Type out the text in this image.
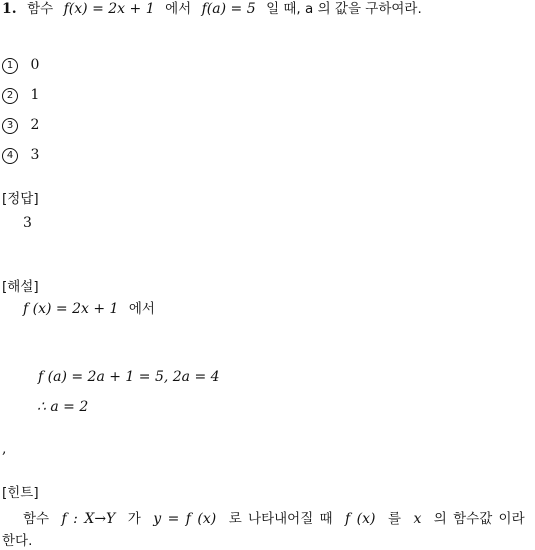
1. 함수 f(x) = 2x + 1 에서 f(a) = 5 일 때, a 의 값을 구하여라.
1 0
2 1
3 2
4 3
[정답]
3
[해설]
f (x) = 2x + 1 에서
f (a) = 2a + 1 = 5, 2a = 4
∴ a = 2
,
[힌트]
함수 f : X→Y 가 y = f (x) 로 나타내어질 때 f (x) 를 x 의 함수값 이라
한다.
